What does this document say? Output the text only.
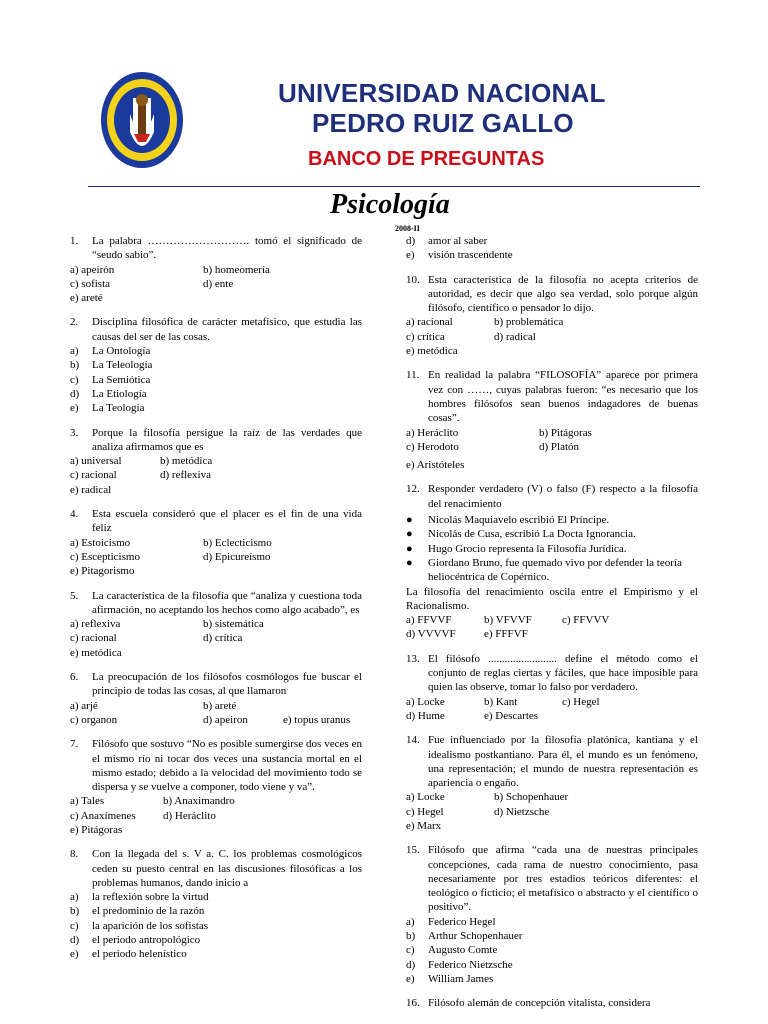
UNIVERSIDAD NACIONAL
PEDRO RUIZ GALLO
BANCO DE PREGUNTAS
Psicología
2008-II
1.	La palabra ………………………. tomó el significado de “seudo sabio”.
a) apeirón	b) homeomería
c) sofista	d) ente
e) areté
2.	Disciplina filosófica de carácter metafísico, que estudia las causas del ser de las cosas.
a)	La Ontología
b)	La Teleología
c)	La Semiótica
d)	La Etiología
e)	La Teología
3.	Porque la filosofía persigue la raíz de las verdades que analiza afirmamos que es
a) universal	b) metódica
c) racional	d) reflexiva
e) radical
4.	Esta escuela consideró que el placer es el fin de una vida feliz
a) Estoicismo	b) Eclecticismo
c) Escepticismo	d) Epicureísmo
e) Pitagorismo
5.	La característica de la filosofía que “analiza y cuestiona toda afirmación, no aceptando los hechos como algo acabado”, es
a) reflexiva	b) sistemática
c) racional	d) crítica
e) metódica
6.	La preocupación de los filósofos cosmólogos fue buscar el principio de todas las cosas, al que llamaron
a) arjé	b) areté
c) organon	d) apeiron	e) topus uranus
7.	Filósofo que sostuvo “No es posible sumergirse dos veces en el mismo río ni tocar dos veces una sustancia mortal en el mismo estado; debido a la velocidad del movimiento todo se dispersa y se vuelve a componer, todo viene y va”.
a) Tales	b) Anaximandro
c) Anaxímenes	d) Heráclito
e) Pitágoras
8.	Con la llegada del s. V a. C. los problemas cosmológicos ceden su puesto central en las discusiones filosóficas a los problemas humanos, dando inicio a
a)	la reflexión sobre la virtud
b)	el predominio de la razón
c)	la aparición de los sofistas
d)	el periodo antropológico
e)	el periodo helenístico
d)	amor al saber
e)	visión trascendente
10. Esta característica de la filosofía no acepta criterios de autoridad, es decir que algo sea verdad, solo porque algún filósofo, científico o pensador lo dijo.
a) racional	b) problemática
c) crítica	d) radical
e) metódica
11. En realidad la palabra “FILOSOFÍA” aparece por primera vez con ……, cuyas palabras fueron: “es necesario que los hombres filósofos sean buenos indagadores de buenas cosas”.
a) Heráclito	b) Pitágoras
c) Herodoto	d) Platón
e) Aristóteles
12. Responder verdadero (V) o falso (F) respecto a la filosofía del renacimiento
●	Nicolás Maquiavelo escribió El Príncipe.
●	Nicolás de Cusa, escribió La Docta Ignorancia.
●	Hugo Grocio representa la Filosofía Jurídica.
●	Giordano Bruno, fue quemado vivo por defender la teoría heliocéntrica de Copérnico.
La filosofía del renacimiento oscila entre el Empirismo y el Racionalismo.
a) FFVVF	b) VFVVF	c) FFVVV
d) VVVVF	e) FFFVF
13. El filósofo ......................... define el método como el conjunto de reglas ciertas y fáciles, que hace imposible para quien las observe, tomar lo falso por verdadero.
a) Locke	b) Kant	c) Hegel
d) Hume	e) Descartes
14. Fue influenciado por la filosofía platónica, kantiana y el idealismo postkantiano. Para él, el mundo es un fenómeno, una representación; el mundo de nuestra representación es apariencia o engaño.
a) Locke	b) Schopenhauer
c) Hegel	d) Nietzsche
e) Marx
15. Filósofo que afirma “cada una de nuestras principales concepciones, cada rama de nuestro conocimiento, pasa necesariamente por tres estadios teóricos diferentes: el teológico o ficticio; el metafísico o abstracto y el científico o positivo”.
a)	Federico Hegel
b)	Arthur Schopenhauer
c)	Augusto Comte
d)	Federico Nietzsche
e)	William James
16. Filósofo alemán de concepción vitalista, considera
